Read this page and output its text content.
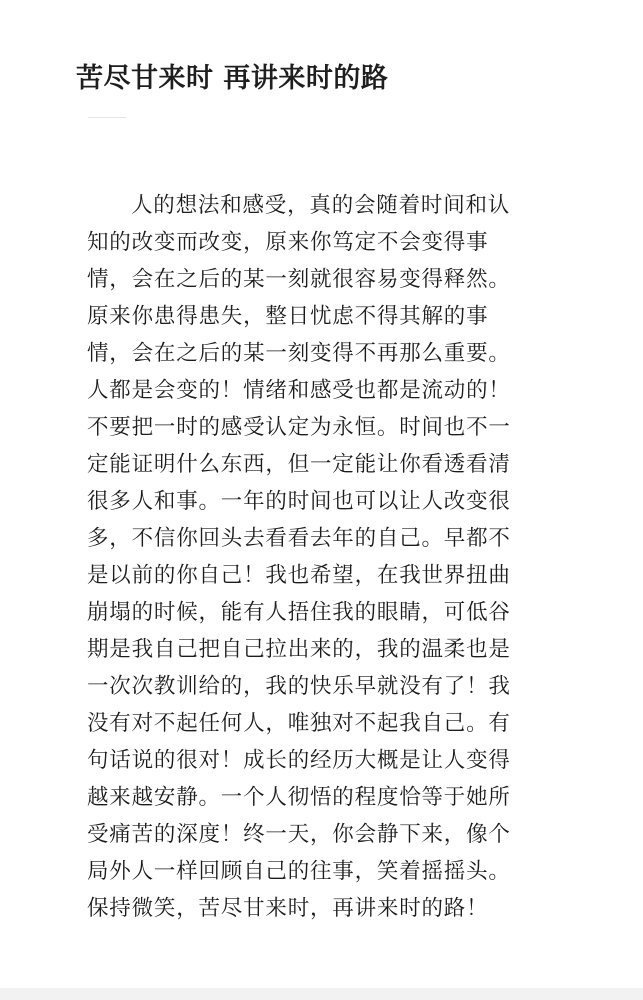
苦尽甘来时 再讲来时的路
人的想法和感受，真的会随着时间和认
知的改变而改变，原来你笃定不会变得事
情，会在之后的某一刻就很容易变得释然。
原来你患得患失，整日忧虑不得其解的事
情，会在之后的某一刻变得不再那么重要。
人都是会变的！情绪和感受也都是流动的！
不要把一时的感受认定为永恒。时间也不一
定能证明什么东西，但一定能让你看透看清
很多人和事。一年的时间也可以让人改变很
多，不信你回头去看看去年的自己。早都不
是以前的你自己！我也希望，在我世界扭曲
崩塌的时候，能有人捂住我的眼睛，可低谷
期是我自己把自己拉出来的，我的温柔也是
一次次教训给的，我的快乐早就没有了！我
没有对不起任何人，唯独对不起我自己。有
句话说的很对！成长的经历大概是让人变得
越来越安静。一个人彻悟的程度恰等于她所
受痛苦的深度！终一天，你会静下来，像个
局外人一样回顾自己的往事，笑着摇摇头。
保持微笑，苦尽甘来时，再讲来时的路！
